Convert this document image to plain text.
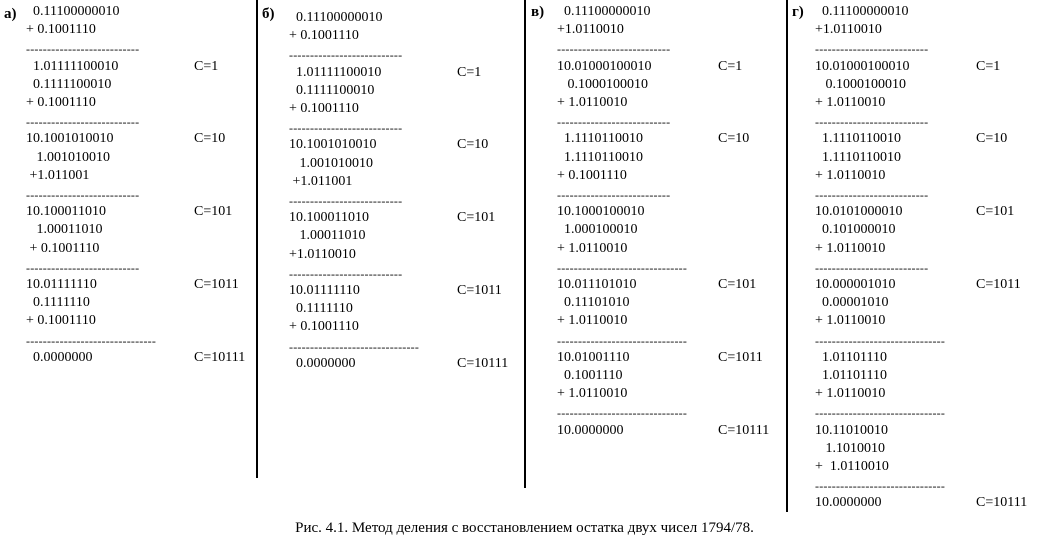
а) 0.11100000010
+ 0.1001110
---------------------------
1.01111100010	C=1
0.1111100010
+ 0.1001110
---------------------------
10.1001010010	C=10
1.001010010
+1.011001
---------------------------
10.100011010	C=101
1.00011010
+ 0.1001110
---------------------------
10.01111110	C=1011
0.1111110
+ 0.1001110
-------------------------------
0.0000000	C=10111
б) 0.11100000010
+ 0.1001110
---------------------------
1.01111100010	C=1
0.1111100010
+ 0.1001110
---------------------------
10.1001010010	C=10
1.001010010
+1.011001
---------------------------
10.100011010	C=101
1.00011010
+1.0110010
---------------------------
10.01111110	C=1011
0.1111110
+ 0.1001110
-------------------------------
0.0000000	C=10111
в) 0.11100000010
+1.0110010
---------------------------
10.01000100010	C=1
0.1000100010
+ 1.0110010
---------------------------
1.1110110010	C=10
1.1110110010
+ 0.1001110
---------------------------
10.1000100010
1.000100010
+ 1.0110010
-------------------------------
10.011101010	C=101
0.11101010
+ 1.0110010
-------------------------------
10.01001110	C=1011
0.1001110
+ 1.0110010
-------------------------------
10.0000000	C=10111
г) 0.11100000010
+1.0110010
---------------------------
10.01000100010	C=1
0.1000100010
+ 1.0110010
---------------------------
1.1110110010	C=10
1.1110110010
+ 1.0110010
---------------------------
10.0101000010	C=101
0.101000010
+ 1.0110010
---------------------------
10.000001010	C=1011
0.00001010
+ 1.0110010
-------------------------------
1.01101110
1.01101110
+ 1.0110010
-------------------------------
10.11010010
1.1010010
+  1.0110010
-------------------------------
10.0000000	C=10111
Рис. 4.1. Метод деления с восстановлением остатка двух чисел 1794/78.
